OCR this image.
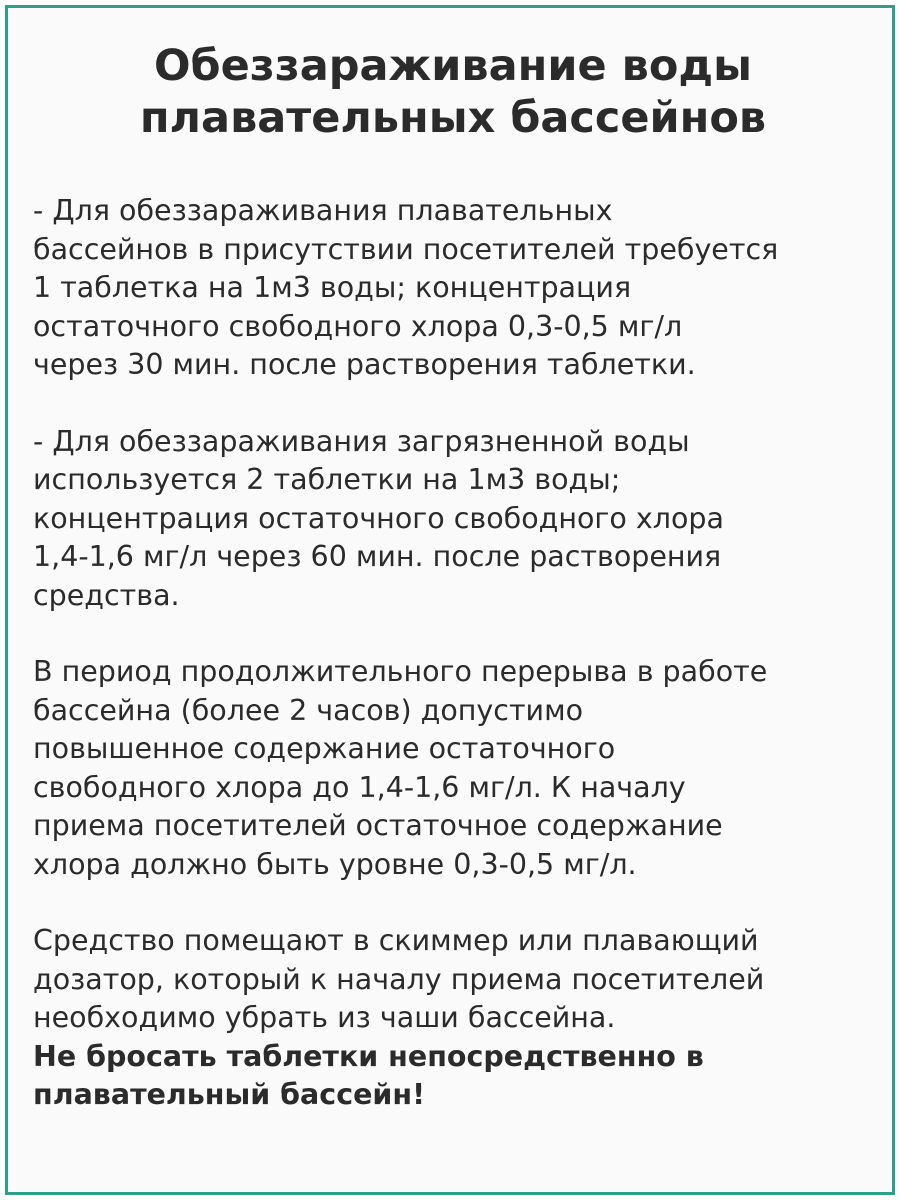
Обеззараживание воды
плавательных бассейнов

- Для обеззараживания плавательных
бассейнов в присутствии посетителей требуется
1 таблетка на 1м3 воды; концентрация
остаточного свободного хлора 0,3-0,5 мг/л
через 30 мин. после растворения таблетки.

- Для обеззараживания загрязненной воды
используется 2 таблетки на 1м3 воды;
концентрация остаточного свободного хлора
1,4-1,6 мг/л через 60 мин. после растворения
средства.

В период продолжительного перерыва в работе
бассейна (более 2 часов) допустимо
повышенное содержание остаточного
свободного хлора до 1,4-1,6 мг/л. К началу
приема посетителей остаточное содержание
хлора должно быть уровне 0,3-0,5 мг/л.

Средство помещают в скиммер или плавающий
дозатор, который к началу приема посетителей
необходимо убрать из чаши бассейна.

Не бросать таблетки непосредственно в
плавательный бассейн!
